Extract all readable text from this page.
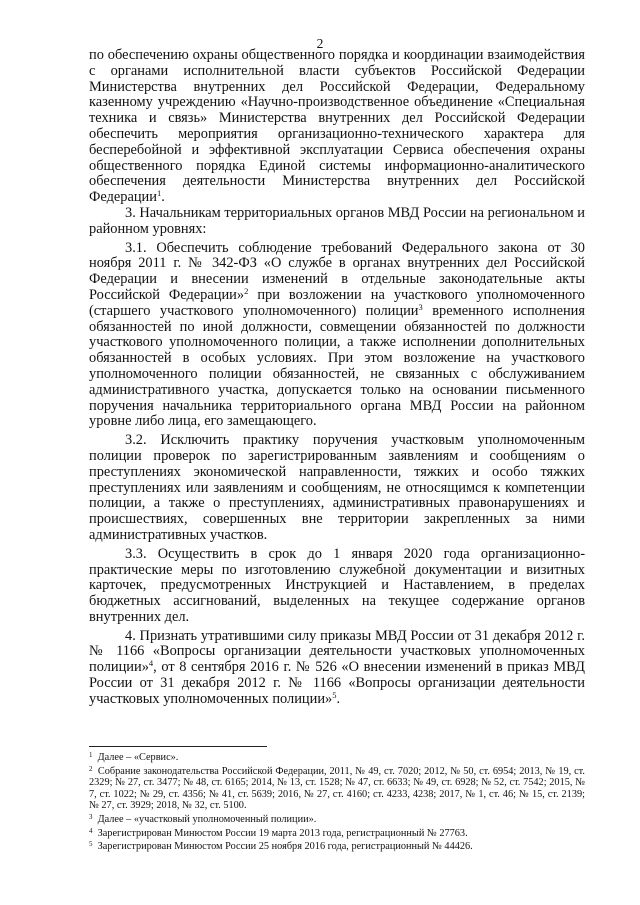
2

по обеспечению охраны общественного порядка и координации взаимодействия с органами исполнительной власти субъектов Российской Федерации Министерства внутренних дел Российской Федерации, Федеральному казенному учреждению «Научно-производственное объединение «Специальная техника и связь» Министерства внутренних дел Российской Федерации обеспечить мероприятия организационно-технического характера для бесперебойной и эффективной эксплуатации Сервиса обеспечения охраны общественного порядка Единой системы информационно-аналитического обеспечения деятельности Министерства внутренних дел Российской Федерации$^1$.

3. Начальникам территориальных органов МВД России на региональном и районном уровнях:

3.1. Обеспечить соблюдение требований Федерального закона от 30 ноября 2011 г. № 342-ФЗ «О службе в органах внутренних дел Российской Федерации и внесении изменений в отдельные законодательные акты Российской Федерации»$^2$ при возложении на участкового уполномоченного (старшего участкового уполномоченного) полиции$^3$ временного исполнения обязанностей по иной должности, совмещении обязанностей по должности участкового уполномоченного полиции, а также исполнении дополнительных обязанностей в особых условиях. При этом возложение на участкового уполномоченного полиции обязанностей, не связанных с обслуживанием административного участка, допускается только на основании письменного поручения начальника территориального органа МВД России на районном уровне либо лица, его замещающего.

3.2. Исключить практику поручения участковым уполномоченным полиции проверок по зарегистрированным заявлениям и сообщениям о преступлениях экономической направленности, тяжких и особо тяжких преступлениях или заявлениям и сообщениям, не относящимся к компетенции полиции, а также о преступлениях, административных правонарушениях и происшествиях, совершенных вне территории закрепленных за ними административных участков.

3.3. Осуществить в срок до 1 января 2020 года организационно-практические меры по изготовлению служебной документации и визитных карточек, предусмотренных Инструкцией и Наставлением, в пределах бюджетных ассигнований, выделенных на текущее содержание органов внутренних дел.

4. Признать утратившими силу приказы МВД России от 31 декабря 2012 г. № 1166 «Вопросы организации деятельности участковых уполномоченных полиции»$^4$, от 8 сентября 2016 г. № 526 «О внесении изменений в приказ МВД России от 31 декабря 2012 г. № 1166 «Вопросы организации деятельности участковых уполномоченных полиции»$^5$.

1 Далее – «Сервис».

2 Собрание законодательства Российской Федерации, 2011, № 49, ст. 7020; 2012, № 50, ст. 6954; 2013, № 19, ст. 2329; № 27, ст. 3477; № 48, ст. 6165; 2014, № 13, ст. 1528; № 47, ст. 6633; № 49, ст. 6928; № 52, ст. 7542; 2015, № 7, ст. 1022; № 29, ст. 4356; № 41, ст. 5639; 2016, № 27, ст. 4160; ст. 4233, 4238; 2017, № 1, ст. 46; № 15, ст. 2139; № 27, ст. 3929; 2018, № 32, ст. 5100.

3 Далее – «участковый уполномоченный полиции».

4 Зарегистрирован Минюстом России 19 марта 2013 года, регистрационный № 27763.

5 Зарегистрирован Минюстом России 25 ноября 2016 года, регистрационный № 44426.
